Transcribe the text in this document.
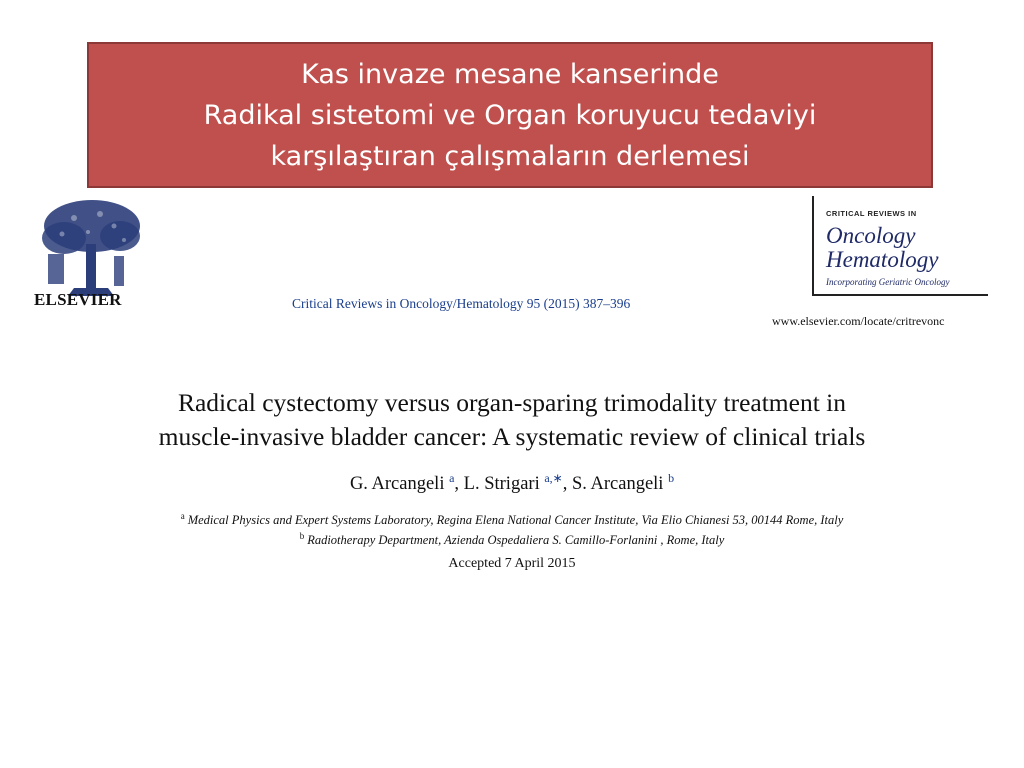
Kas invaze mesane kanserinde
Radikal sistetomi ve Organ koruyucu tedaviyi
karşılaştıran çalışmaların derlemesi
ELSEVIER	Critical Reviews in Oncology/Hematology 95 (2015) 387–396
CRITICAL REVIEWS IN
Oncology
Hematology
Incorporating Geriatric Oncology
www.elsevier.com/locate/critrevonc
Radical cystectomy versus organ-sparing trimodality treatment in
muscle-invasive bladder cancer: A systematic review of clinical trials
G. Arcangeli $^a$, L. Strigari $^{a,∗}$, S. Arcangeli $^b$
$^a$ Medical Physics and Expert Systems Laboratory, Regina Elena National Cancer Institute, Via Elio Chianesi 53, 00144 Rome, Italy
$^b$ Radiotherapy Department, Azienda Ospedaliera S. Camillo-Forlanini , Rome, Italy
Accepted 7 April 2015
